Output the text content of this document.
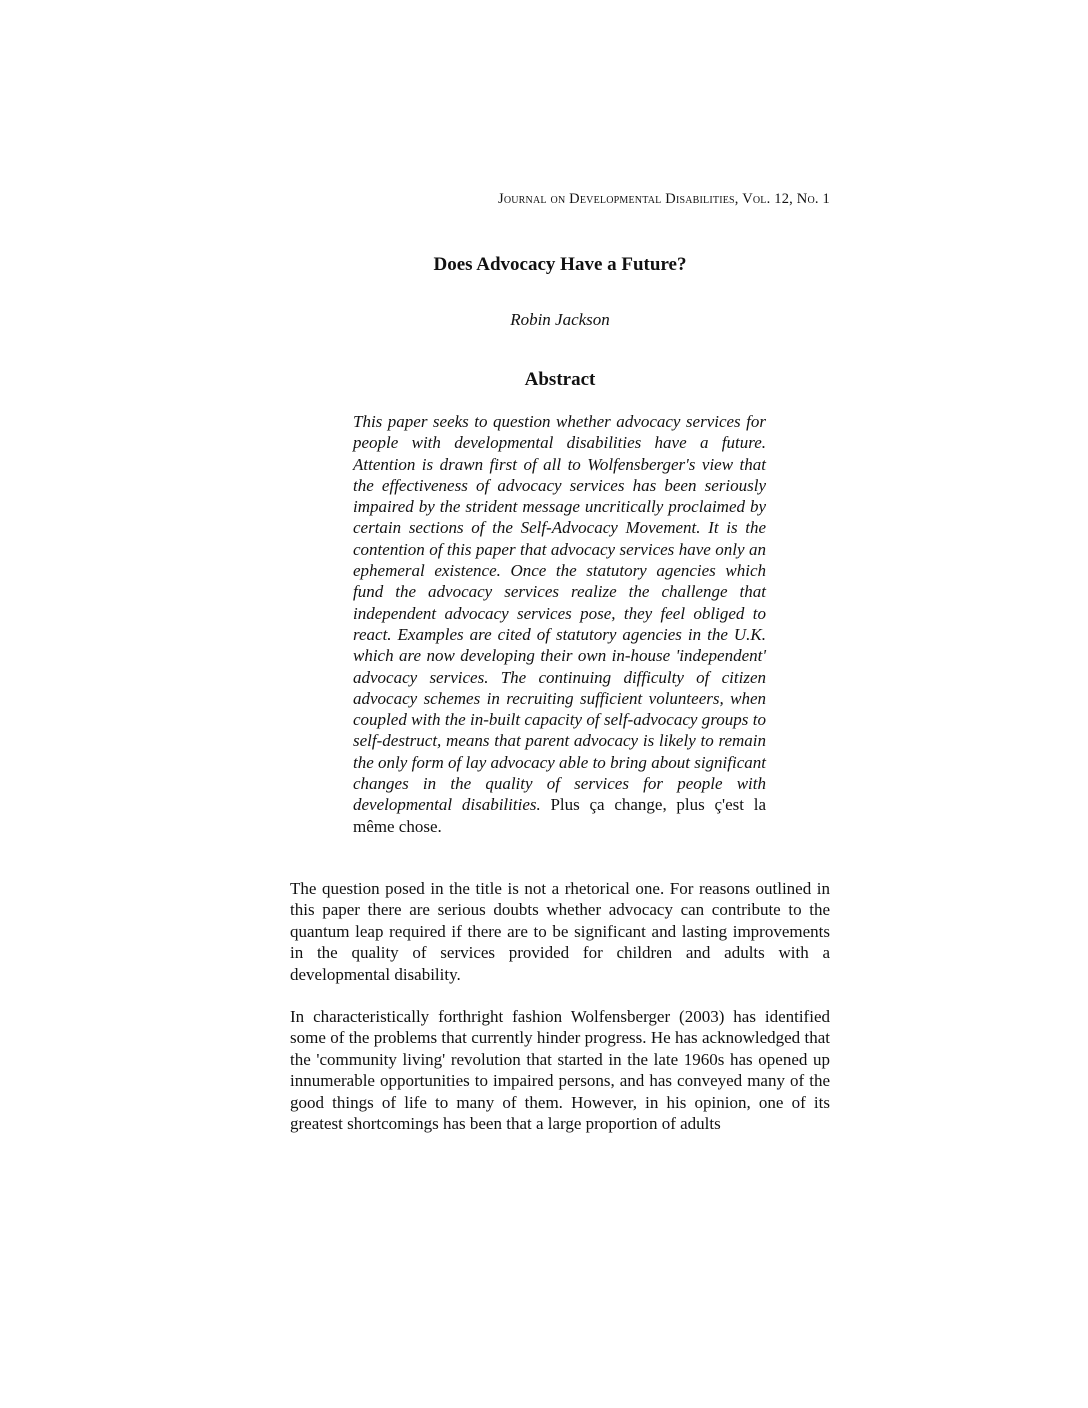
Journal on Developmental Disabilities, Vol. 12, No. 1
Does Advocacy Have a Future?
Robin Jackson
Abstract

This paper seeks to question whether advocacy services for people with developmental disabilities have a future. Attention is drawn first of all to Wolfensberger's view that the effectiveness of advocacy services has been seriously impaired by the strident message uncritically proclaimed by certain sections of the Self-Advocacy Movement. It is the contention of this paper that advocacy services have only an ephemeral existence. Once the statutory agencies which fund the advocacy services realize the challenge that independent advocacy services pose, they feel obliged to react. Examples are cited of statutory agencies in the U.K. which are now developing their own in-house 'independent' advocacy services. The continuing difficulty of citizen advocacy schemes in recruiting sufficient volunteers, when coupled with the in-built capacity of self-advocacy groups to self-destruct, means that parent advocacy is likely to remain the only form of lay advocacy able to bring about significant changes in the quality of services for people with developmental disabilities. Plus ça change, plus ç'est la même chose.

The question posed in the title is not a rhetorical one. For reasons outlined in this paper there are serious doubts whether advocacy can contribute to the quantum leap required if there are to be significant and lasting improvements in the quality of services provided for children and adults with a developmental disability.

In characteristically forthright fashion Wolfensberger (2003) has identified some of the problems that currently hinder progress. He has acknowledged that the 'community living' revolution that started in the late 1960s has opened up innumerable opportunities to impaired persons, and has conveyed many of the good things of life to many of them. However, in his opinion, one of its greatest shortcomings has been that a large proportion of adults
